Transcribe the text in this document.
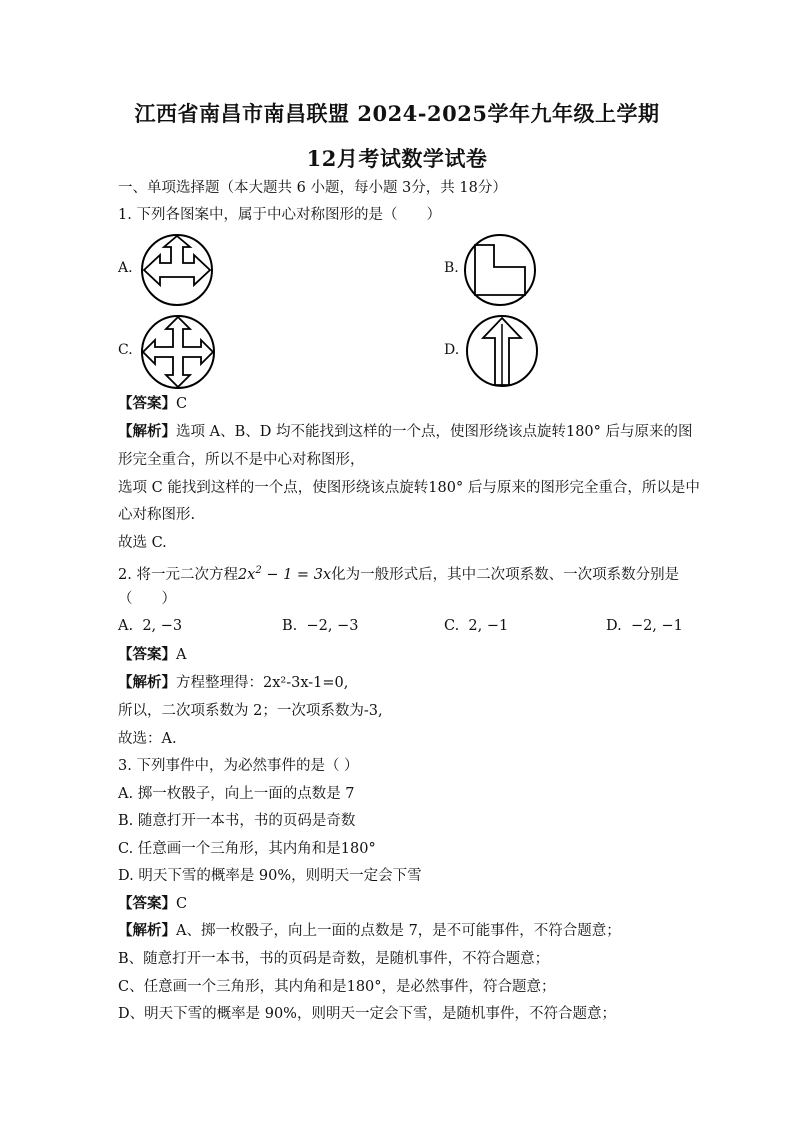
江西省南昌市南昌联盟 2024-2025学年九年级上学期
12月考试数学试卷
一、单项选择题（本大题共 6 小题，每小题 3分，共 18分）
1. 下列各图案中，属于中心对称图形的是（　　）
A.	B.
C.	D.
【答案】C
【解析】选项 A、B、D 均不能找到这样的一个点，使图形绕该点旋转180° 后与原来的图
形完全重合，所以不是中心对称图形，
选项 C 能找到这样的一个点，使图形绕该点旋转180° 后与原来的图形完全重合，所以是中
心对称图形.
故选 C.
2. 将一元二次方程$2x^2 - 1 = 3x$化为一般形式后，其中二次项系数、一次项系数分别是
（　　）
A. 2, −3	B. −2, −3	C. 2, −1	D. −2, −1
【答案】A
【解析】方程整理得：2x²-3x-1=0,
所以，二次项系数为 2；一次项系数为-3,
故选：A.
3. 下列事件中，为必然事件的是（ ）
A. 掷一枚骰子，向上一面的点数是 7
B. 随意打开一本书，书的页码是奇数
C. 任意画一个三角形，其内角和是180°
D. 明天下雪的概率是 90%，则明天一定会下雪
【答案】C
【解析】A、掷一枚骰子，向上一面的点数是 7，是不可能事件，不符合题意；
B、随意打开一本书，书的页码是奇数，是随机事件，不符合题意；
C、任意画一个三角形，其内角和是180°，是必然事件，符合题意；
D、明天下雪的概率是 90%，则明天一定会下雪，是随机事件，不符合题意；
